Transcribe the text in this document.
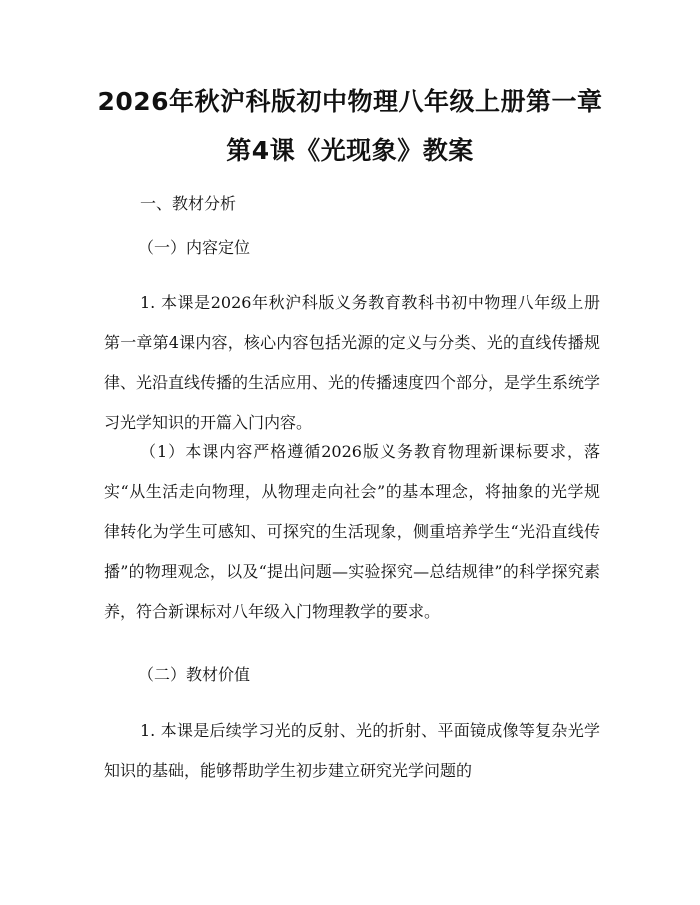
2026年秋沪科版初中物理八年级上册第一章
第4课《光现象》教案
一、教材分析
（一）内容定位
1. 本课是2026年秋沪科版义务教育教科书初中物理八年级上册第一章第4课内容，核心内容包括光源的定义与分类、光的直线传播规律、光沿直线传播的生活应用、光的传播速度四个部分，是学生系统学习光学知识的开篇入门内容。
（1）本课内容严格遵循2026版义务教育物理新课标要求，落实“从生活走向物理，从物理走向社会”的基本理念，将抽象的光学规律转化为学生可感知、可探究的生活现象，侧重培养学生“光沿直线传播”的物理观念，以及“提出问题—实验探究—总结规律”的科学探究素养，符合新课标对八年级入门物理教学的要求。
（二）教材价值
1. 本课是后续学习光的反射、光的折射、平面镜成像等复杂光学知识的基础，能够帮助学生初步建立研究光学问题的
